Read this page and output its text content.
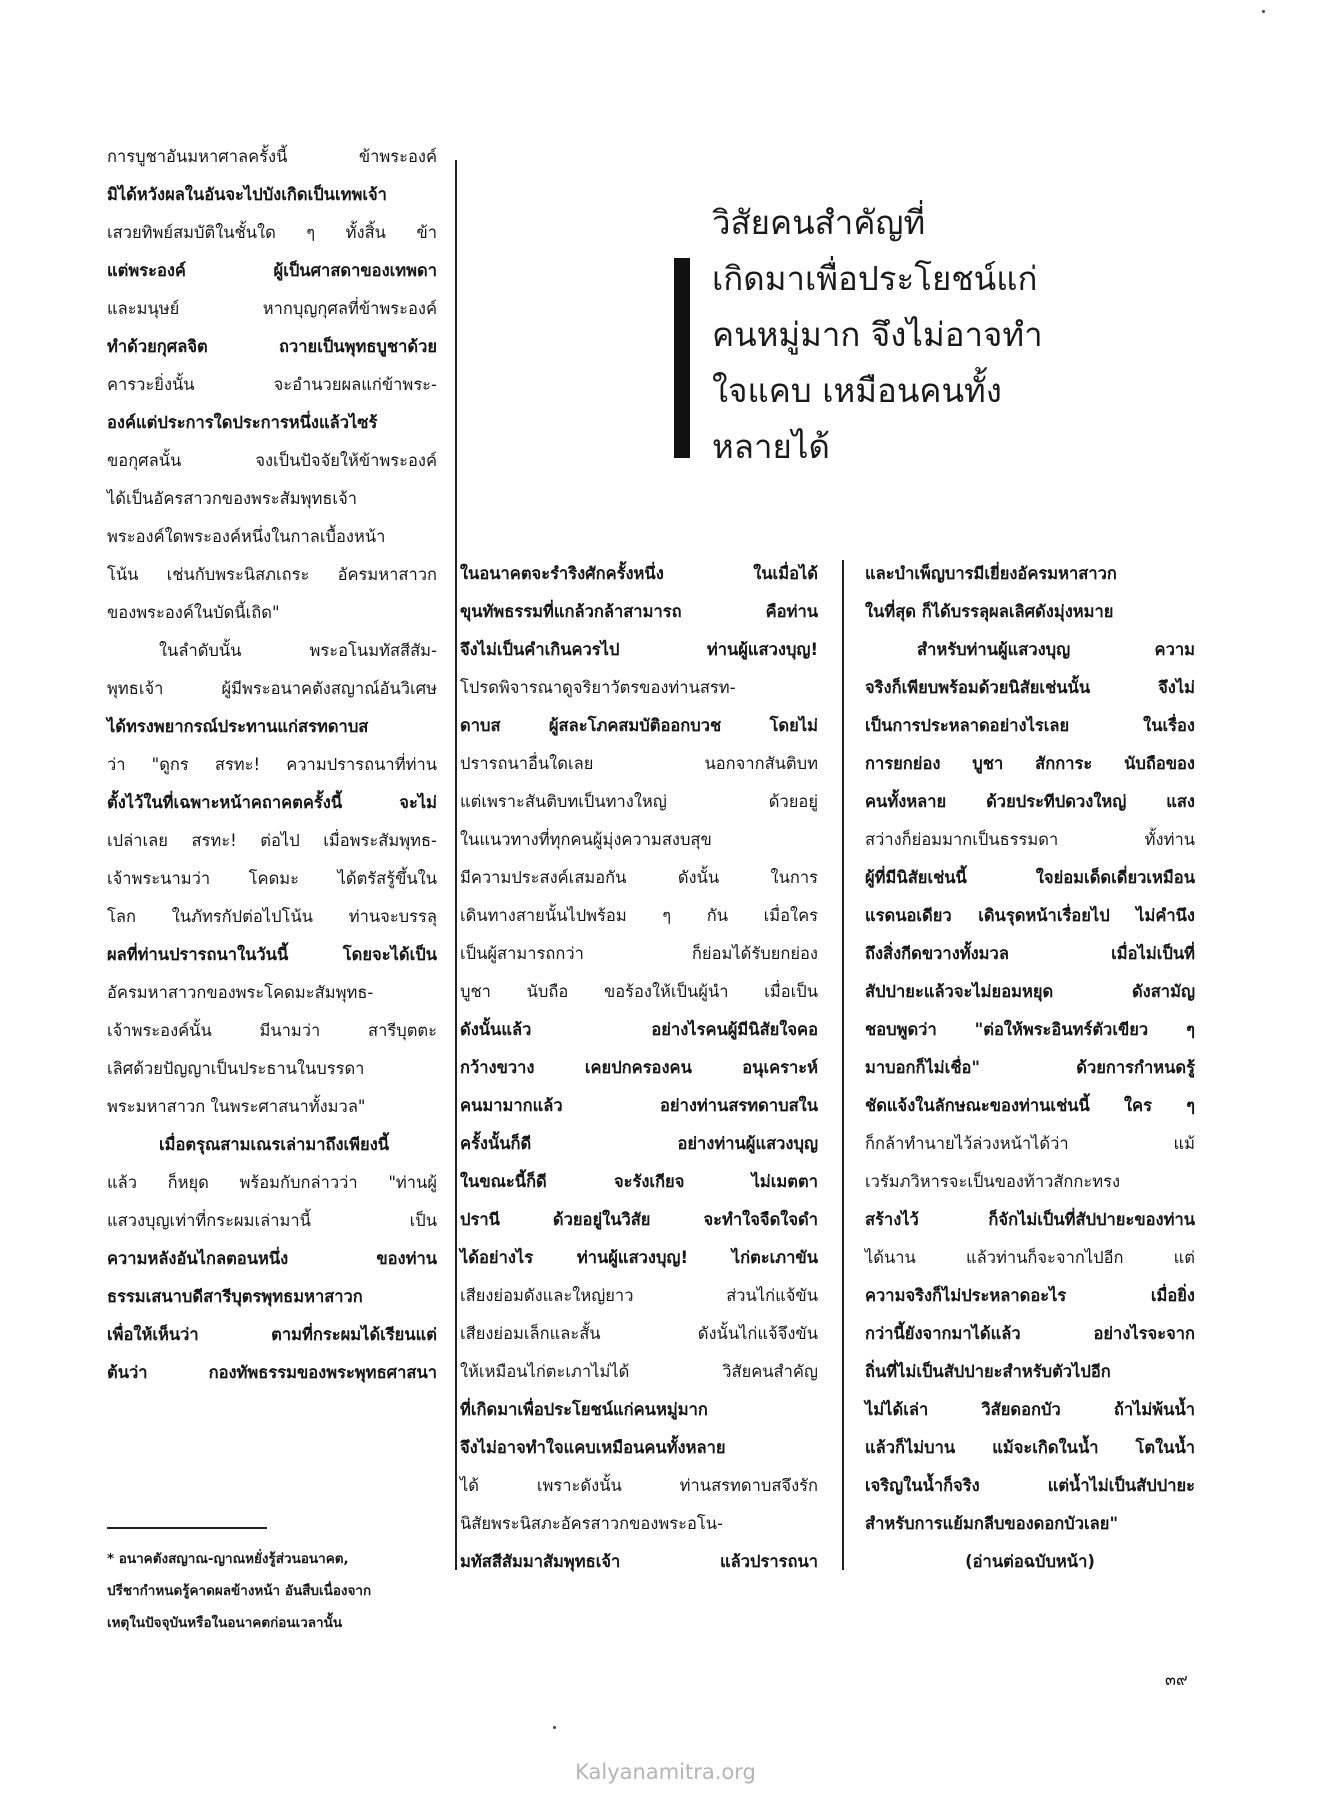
วิสัยคนสำคัญที่
เกิดมาเพื่อประโยชน์แก่
คนหมู่มาก จึงไม่อาจทำ
ใจแคบ เหมือนคนทั้ง
หลายได้
การบูชาอันมหาศาลครั้งนี้ ข้าพระองค์
มิได้หวังผลในอันจะไปบังเกิดเป็นเทพเจ้า
เสวยทิพย์สมบัติในชั้นใด ๆ ทั้งสิ้น ข้า
แต่พระองค์ ผู้เป็นศาสดาของเทพดา
และมนุษย์ หากบุญกุศลที่ข้าพระองค์
ทำด้วยกุศลจิต ถวายเป็นพุทธบูชาด้วย
คารวะยิ่งนั้น จะอำนวยผลแก่ข้าพระ-
องค์แต่ประการใดประการหนึ่งแล้วไซร้
ขอกุศลนั้น จงเป็นปัจจัยให้ข้าพระองค์
ได้เป็นอัครสาวกของพระสัมพุทธเจ้า
พระองค์ใดพระองค์หนึ่งในกาลเบื้องหน้า
โน้น เช่นกับพระนิสภเถระ อัครมหาสาวก
ของพระองค์ในบัดนี้เถิด"
ในลำดับนั้น พระอโนมทัสสีสัม-
พุทธเจ้า ผู้มีพระอนาคตังสญาณ์อันวิเศษ
ได้ทรงพยากรณ์ประทานแก่สรทดาบส
ว่า "ดูกร สรทะ! ความปรารถนาที่ท่าน
ตั้งไว้ในที่เฉพาะหน้าคถาคตครั้งนี้ จะไม่
เปล่าเลย สรทะ! ต่อไป เมื่อพระสัมพุทธ-
เจ้าพระนามว่า โคดมะ ได้ตรัสรู้ขึ้นใน
โลก ในภัทรกัปต่อไปโน้น ท่านจะบรรลุ
ผลที่ท่านปรารถนาในวันนี้ โดยจะได้เป็น
อัครมหาสาวกของพระโคดมะสัมพุทธ-
เจ้าพระองค์นั้น มีนามว่า สารีบุตตะ
เลิศด้วยปัญญาเป็นประธานในบรรดา
พระมหาสาวก ในพระศาสนาทั้งมวล"
เมื่อตรุณสามเณรเล่ามาถึงเพียงนี้
แล้ว ก็หยุด พร้อมกับกล่าวว่า "ท่านผู้
แสวงบุญเท่าที่กระผมเล่ามานี้ เป็น
ความหลังอันไกลตอนหนึ่ง ของท่าน
ธรรมเสนาบดีสารีบุตรพุทธมหาสาวก
เพื่อให้เห็นว่า ตามที่กระผมได้เรียนแต่
ต้นว่า กองทัพธรรมของพระพุทธศาสนา
* อนาคตังสญาณ-ญาณหยั่งรู้ส่วนอนาคต,
ปรีชากำหนดรู้คาดผลข้างหน้า อันสืบเนื่องจาก
เหตุในปัจจุบันหรือในอนาคตก่อนเวลานั้น
ในอนาคตจะรำริงศักครั้งหนึ่ง ในเมื่อได้
ขุนทัพธรรมที่แกล้วกล้าสามารถ คือท่าน
จึงไม่เป็นคำเกินควรไป ท่านผู้แสวงบุญ!
โปรดพิจารณาดูจริยาวัตรของท่านสรท-
ดาบส ผู้สละโภคสมบัติออกบวช โดยไม่
ปรารถนาอื่นใดเลย นอกจากสันติบท
แต่เพราะสันติบทเป็นทางใหญ่ ด้วยอยู่
ในแนวทางที่ทุกคนผู้มุ่งความสงบสุข
มีความประสงค์เสมอกัน ดังนั้น ในการ
เดินทางสายนั้นไปพร้อม ๆ กัน เมื่อใคร
เป็นผู้สามารถกว่า ก็ย่อมได้รับยกย่อง
บูชา นับถือ ขอร้องให้เป็นผู้นำ เมื่อเป็น
ดังนั้นแล้ว อย่างไรคนผู้มีนิสัยใจคอ
กว้างขวาง เคยปกครองคน อนุเคราะห์
คนมามากแล้ว อย่างท่านสรทดาบสใน
ครั้งนั้นก็ดี อย่างท่านผู้แสวงบุญ
ในขณะนี้ก็ดี จะรังเกียจ ไม่เมตตา
ปรานี ด้วยอยู่ในวิสัย จะทำใจจืดใจดำ
ได้อย่างไร ท่านผู้แสวงบุญ! ไก่ตะเภาขัน
เสียงย่อมดังและใหญ่ยาว ส่วนไก่แจ้ขัน
เสียงย่อมเล็กและสั้น ดังนั้นไก่แจ้จึงขัน
ให้เหมือนไก่ตะเภาไม่ได้ วิสัยคนสำคัญ
ที่เกิดมาเพื่อประโยชน์แก่คนหมู่มาก
จึงไม่อาจทำใจแคบเหมือนคนทั้งหลาย
ได้ เพราะดังนั้น ท่านสรทดาบสจึงรัก
นิสัยพระนิสภะอัครสาวกของพระอโน-
มทัสสีสัมมาสัมพุทธเจ้า แล้วปรารถนา
และบำเพ็ญบารมีเยี่ยงอัครมหาสาวก
ในที่สุด ก็ได้บรรลุผลเลิศดังมุ่งหมาย
สำหรับท่านผู้แสวงบุญ ความ
จริงก็เพียบพร้อมด้วยนิสัยเช่นนั้น จึงไม่
เป็นการประหลาดอย่างไรเลย ในเรื่อง
การยกย่อง บูชา สักการะ นับถือของ
คนทั้งหลาย ด้วยประทีปดวงใหญ่ แสง
สว่างก็ย่อมมากเป็นธรรมดา ทั้งท่าน
ผู้ที่มีนิสัยเช่นนี้ ใจย่อมเด็ดเดี่ยวเหมือน
แรดนอเดียว เดินรุดหน้าเรื่อยไป ไม่คำนึง
ถึงสิ่งกีดขวางทั้งมวล เมื่อไม่เป็นที่
สัปปายะแล้วจะไม่ยอมหยุด ดังสามัญ
ชอบพูดว่า "ต่อให้พระอินทร์ตัวเขียว ๆ
มาบอกก็ไม่เชื่อ" ด้วยการกำหนดรู้
ชัดแจ้งในลักษณะของท่านเช่นนี้ ใคร ๆ
ก็กล้าทำนายไว้ล่วงหน้าได้ว่า แม้
เวรัมภวิหารจะเป็นของท้าวสักกะทรง
สร้างไว้ ก็จักไม่เป็นที่สัปปายะของท่าน
ได้นาน แล้วท่านก็จะจากไปอีก แต่
ความจริงก็ไม่ประหลาดอะไร เมื่อยิ่ง
กว่านี้ยังจากมาได้แล้ว อย่างไรจะจาก
ถิ่นที่ไม่เป็นสัปปายะสำหรับตัวไปอีก
ไม่ได้เล่า วิสัยดอกบัว ถ้าไม่พ้นน้ำ
แล้วก็ไม่บาน แม้จะเกิดในน้ำ โตในน้ำ
เจริญในน้ำก็จริง แต่น้ำไม่เป็นสัปปายะ
สำหรับการแย้มกลีบของดอกบัวเลย"
(อ่านต่อฉบับหน้า)
๓๙
Kalyanamitra.org
